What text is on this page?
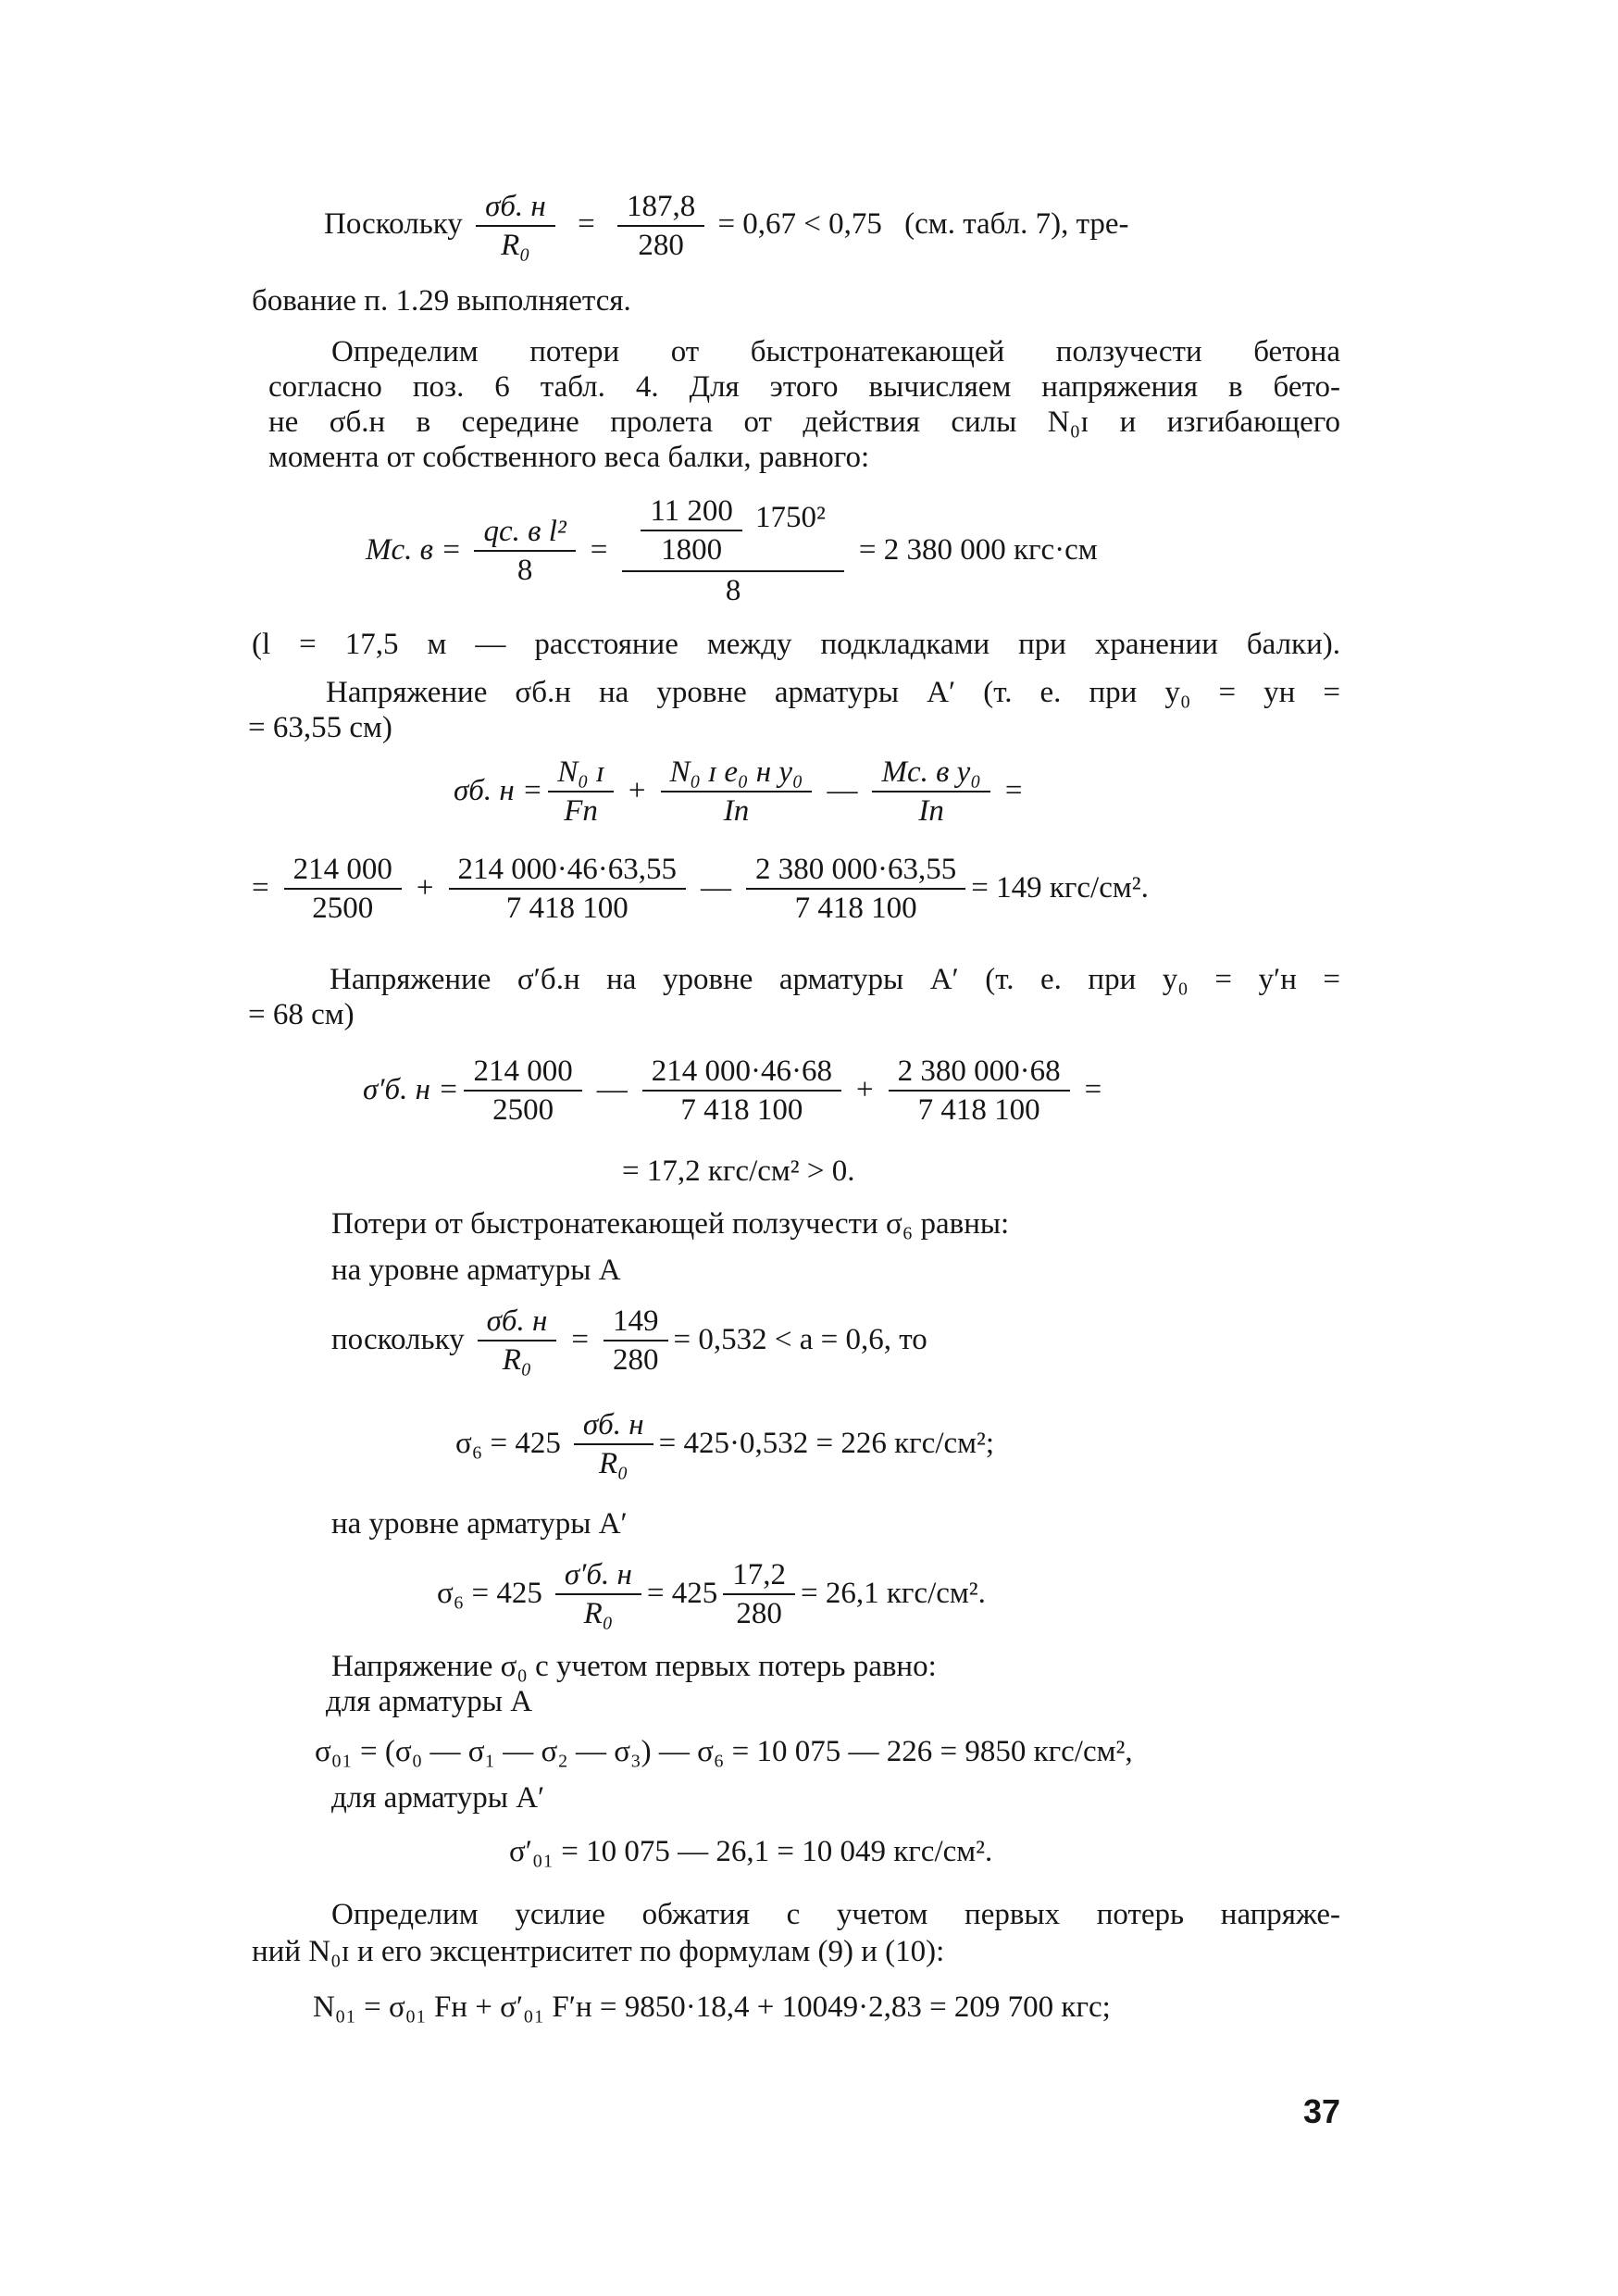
Поскольку $\frac{\sigma б. н}{\text{R₀}} = \frac{187,8}{280} = 0,67 < 0,75$ (см. табл. 7), тре-
бование п. 1.29 выполняется.
Определим потери от быстронатекающей ползучести бетона
согласно поз. 6 табл. 4. Для этого вычисляем напряжения в бето-
не σб.н в середине пролета от действия силы N₀ɪ и изгибающего
момента от собственного веса балки, равного:
Mс. $в = \frac{\text{qс. в l²}}{8} = \frac{\frac{11 200}{1800} 1750^2}{8} = 2$ 380 000 кгс·см
(l = 17,5 м — расстояние между подкладками при хранении балки).
Напряжение σб.н на уровне арматуры A′ (т. е. при y₀ = yн =
= 63,55 см)
σб. $н = \frac{\text{N₀ ɪ}}{Fп} + \frac{\text{N₀ ɪ e₀ н y₀}}{Iп}$ — $\frac{\text{Mс. в y₀}}{Iп}$ =
= $\frac{214 000}{2500} + \frac{214 000\cdot 46\cdot 63,55}{7 418 100}$ — $\frac{2 380 000\cdot 63,55}{7 418 100} = 149$ кгс/см².
Напряжение σ′б.н на уровне арматуры A′ (т. е. при y₀ = y′н =
= 68 см)
σ′б. $н = \frac{214 000}{2500}$ — $\frac{214 000\cdot 46\cdot 68}{7 418 100} + \frac{2 380 000\cdot 68}{7 418 100}$ =
= 17,2 кгс/см² > 0.
Потери от быстронатекающей ползучести σ₆ равны:
на уровне арматуры A
поскольку $\frac{\sigma б. н}{\text{R₀}} = \frac{149}{280} = 0,532 < a = 0,6$, то
$\sigma_6 = 425 \frac{\sigma б. н}{\text{R₀}} = 425\cdot 0,532 = 226$ кгс/см²;
на уровне арматуры A′
$\sigma_6 = 425 \frac{\sigma'б. н}{\text{R₀}} = 425 \frac{17,2}{280} = 26,1$ кгс/см².
Напряжение σ₀ с учетом первых потерь равно:
для арматуры A
σ₀₁ = (σ₀ — σ₁ — σ₂ — σ₃) — σ₆ = 10 075 — 226 = 9850 кгс/см²,
для арматуры A′
σ′₀₁ = 10 075 — 26,1 = 10 049 кгс/см².
Определим усилие обжатия с учетом первых потерь напряже-
ний N₀ɪ и его эксцентриситет по формулам (9) и (10):
N₀₁ = σ₀₁ Fн + σ′₀₁ F′н = 9850·18,4 + 10049·2,83 = 209 700 кгс;
37
